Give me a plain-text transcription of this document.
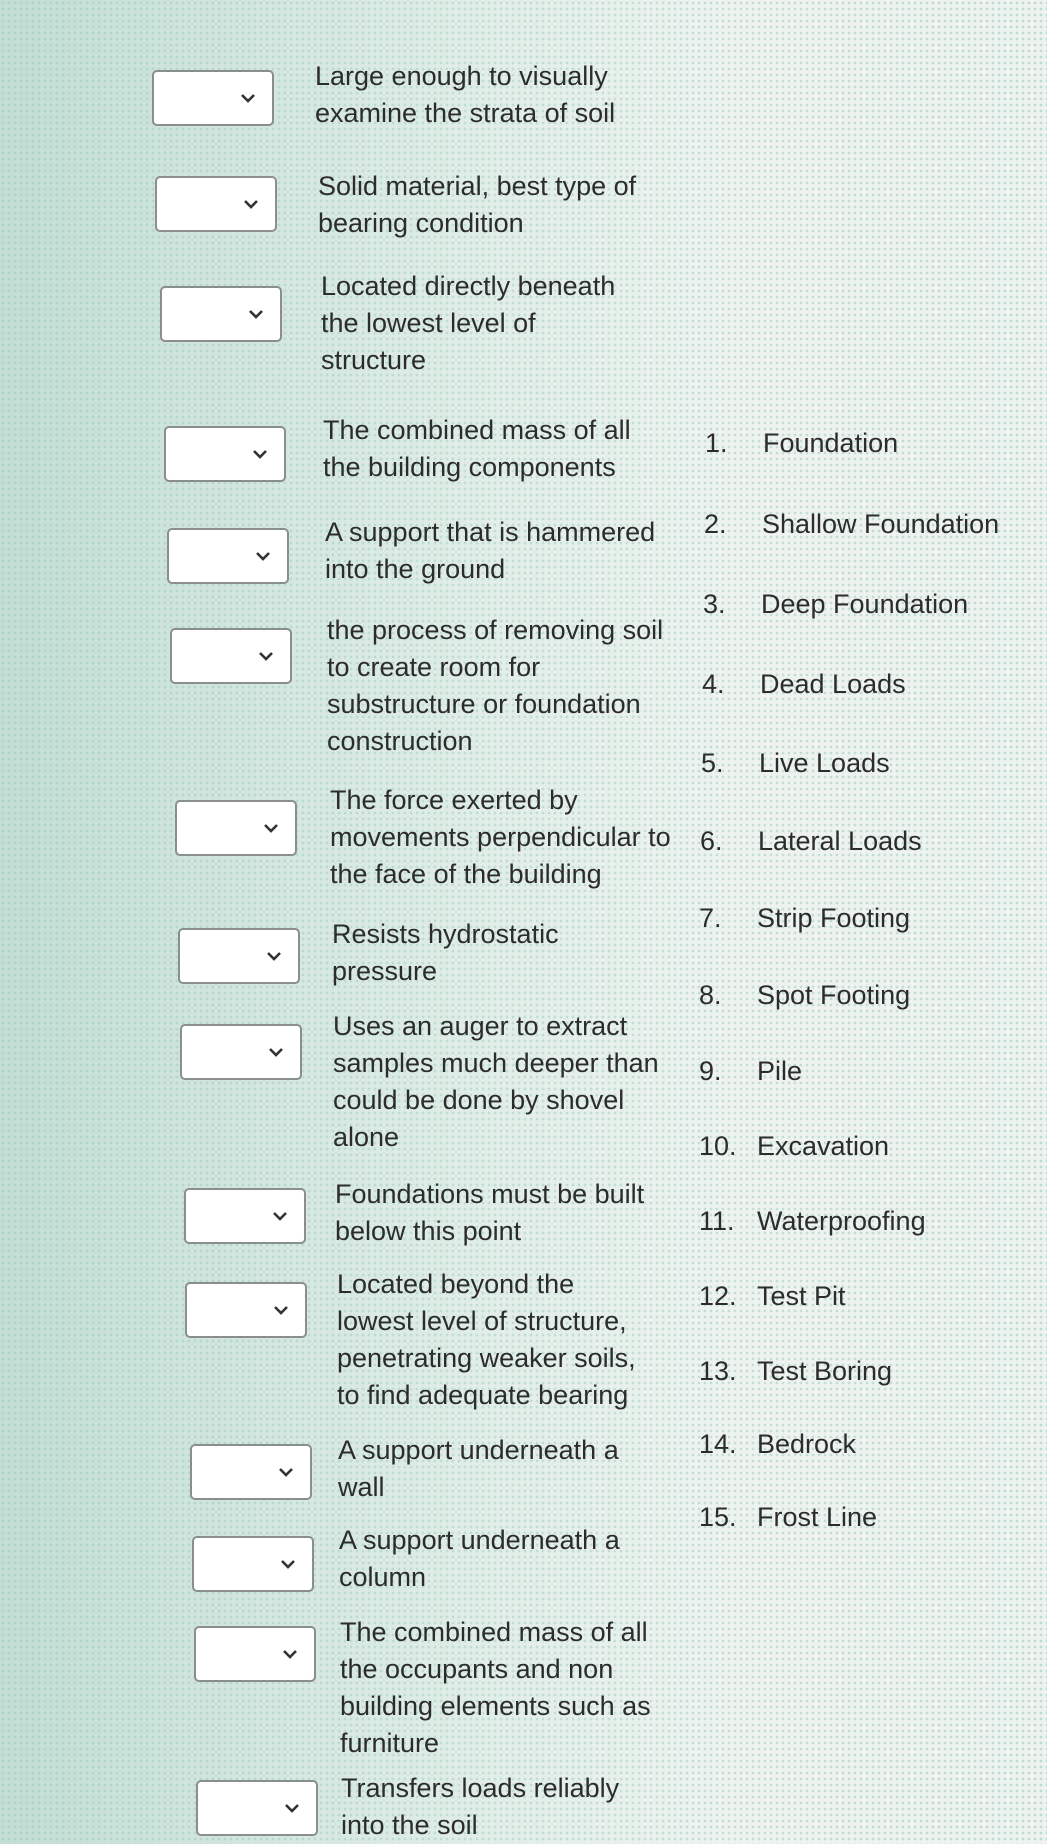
Large enough to visually examine the strata of soil
Solid material, best type of bearing condition
Located directly beneath the lowest level of structure
The combined mass of all the building components
A support that is hammered into the ground
the process of removing soil to create room for substructure or foundation construction
The force exerted by movements perpendicular to the face of the building
Resists hydrostatic pressure
Uses an auger to extract samples much deeper than could be done by shovel alone
Foundations must be built below this point
Located beyond the lowest level of structure, penetrating weaker soils, to find adequate bearing
A support underneath a wall
A support underneath a column
The combined mass of all the occupants and non building elements such as furniture
Transfers loads reliably into the soil
1. Foundation
2. Shallow Foundation
3. Deep Foundation
4. Dead Loads
5. Live Loads
6. Lateral Loads
7. Strip Footing
8. Spot Footing
9. Pile
10. Excavation
11. Waterproofing
12. Test Pit
13. Test Boring
14. Bedrock
15. Frost Line
